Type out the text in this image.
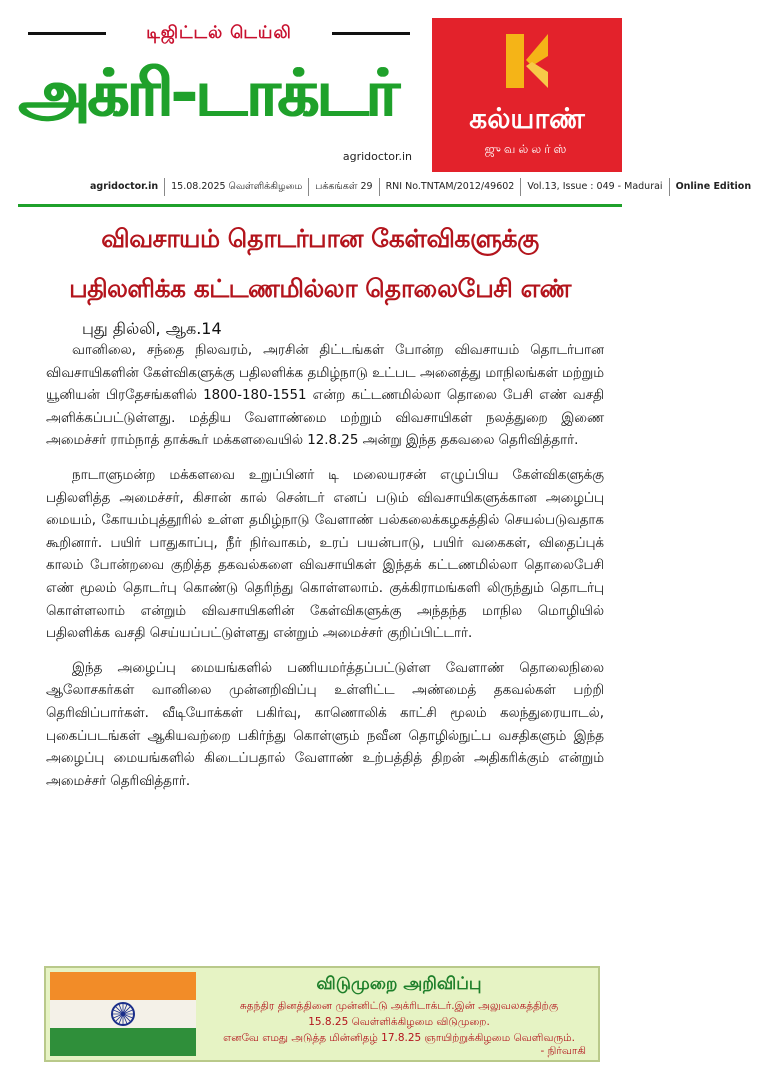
டிஜிட்டல் டெய்லி
அக்ரி-டாக்டர்
agridoctor.in
கல்யாண்
ஜுவல்லர்ஸ்
agridoctor.in 15.08.2025 வெள்ளிக்கிழமை பக்கங்கள் 29 RNI No.TNTAM/2012/49602 Vol.13, Issue : 049 - Madurai Online Edition
விவசாயம் தொடர்பான கேள்விகளுக்கு
பதிலளிக்க கட்டணமில்லா தொலைபேசி எண்
புது தில்லி, ஆக.14

வானிலை, சந்தை நிலவரம், அரசின் திட்டங்கள் போன்ற விவசாயம் தொடர்பான விவசாயிகளின் கேள்விகளுக்கு பதிலளிக்க தமிழ்நாடு உட்பட அனைத்து மாநிலங்கள் மற்றும் யூனியன் பிரதேசங்களில் 1800-180-1551 என்ற கட்டணமில்லா தொலை பேசி எண் வசதி அளிக்கப்பட்டுள்ளது. மத்திய வேளாண்மை மற்றும் விவசாயிகள் நலத்துறை இணை அமைச்சர் ராம்நாத் தாக்கூர் மக்களவையில் 12.8.25 அன்று இந்த தகவலை தெரிவித்தார்.

நாடாளுமன்ற மக்களவை உறுப்பினர் டி மலையரசன் எழுப்பிய கேள்விகளுக்கு பதிலளித்த அமைச்சர், கிசான் கால் சென்டர் எனப் படும் விவசாயிகளுக்கான அழைப்பு மையம், கோயம்புத்தூரில் உள்ள தமிழ்நாடு வேளாண் பல்கலைக்கழகத்தில் செயல்படுவதாக கூறினார். பயிர் பாதுகாப்பு, நீர் நிர்வாகம், உரப் பயன்பாடு, பயிர் வகைகள், விதைப்புக் காலம் போன்றவை குறித்த தகவல்களை விவசாயிகள் இந்தக் கட்டணமில்லா தொலைபேசி எண் மூலம் தொடர்பு கொண்டு தெரிந்து கொள்ளலாம். குக்கிராமங்களி லிருந்தும் தொடர்பு கொள்ளலாம் என்றும் விவசாயிகளின் கேள்விகளுக்கு அந்தந்த மாநில மொழியில் பதிலளிக்க வசதி செய்யப்பட்டுள்ளது என்றும் அமைச்சர் குறிப்பிட்டார்.

இந்த அழைப்பு மையங்களில் பணியமர்த்தப்பட்டுள்ள வேளாண் தொலைநிலை ஆலோசகர்கள் வானிலை முன்னறிவிப்பு உள்ளிட்ட அண்மைத் தகவல்கள் பற்றி தெரிவிப்பார்கள். வீடியோக்கள் பகிர்வு, காணொலிக் காட்சி மூலம் கலந்துரையாடல், புகைப்படங்கள் ஆகியவற்றை பகிர்ந்து கொள்ளும் நவீன தொழில்நுட்ப வசதிகளும் இந்த அழைப்பு மையங்களில் கிடைப்பதால் வேளாண் உற்பத்தித் திறன் அதிகரிக்கும் என்றும் அமைச்சர் தெரிவித்தார்.

விடுமுறை அறிவிப்பு
சுதந்திர தினத்தினை முன்னிட்டு அக்ரிடாக்டர்.இன் அலுவலகத்திற்கு
15.8.25 வெள்ளிக்கிழமை விடுமுறை.
எனவே எமது அடுத்த மின்னிதழ் 17.8.25 ஞாயிற்றுக்கிழமை வெளிவரும்.
- நிர்வாகி
